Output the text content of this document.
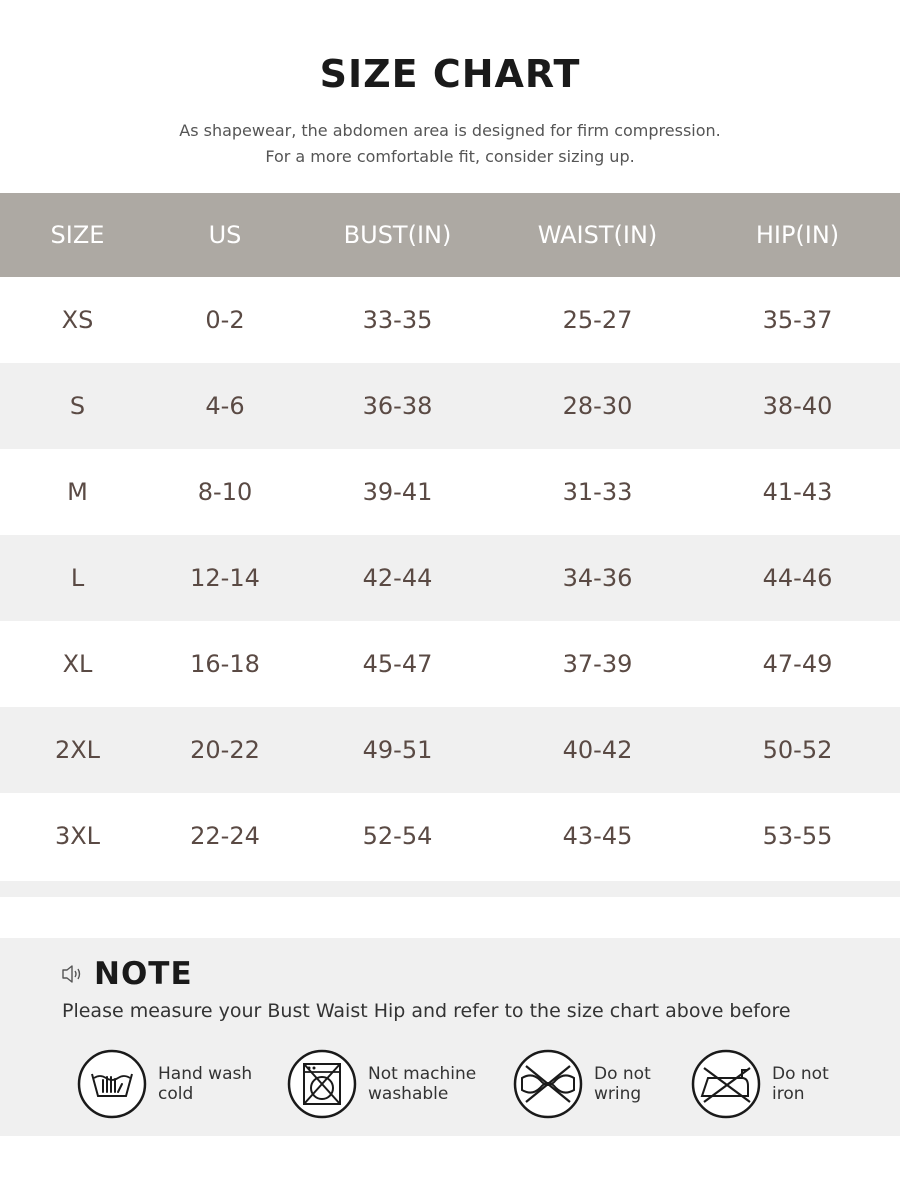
SIZE CHART
As shapewear, the abdomen area is designed for firm compression.
For a more comfortable fit, consider sizing up.
SIZE	US	BUST(IN)	WAIST(IN)	HIP(IN)
XS	0-2	33-35	25-27	35-37
S	4-6	36-38	28-30	38-40
M	8-10	39-41	31-33	41-43
L	12-14	42-44	34-36	44-46
XL	16-18	45-47	37-39	47-49
2XL	20-22	49-51	40-42	50-52
3XL	22-24	52-54	43-45	53-55
NOTE
Please measure your Bust Waist Hip and refer to the size chart above before
Hand wash
cold
Not machine
washable
Do not
wring
Do not
iron
